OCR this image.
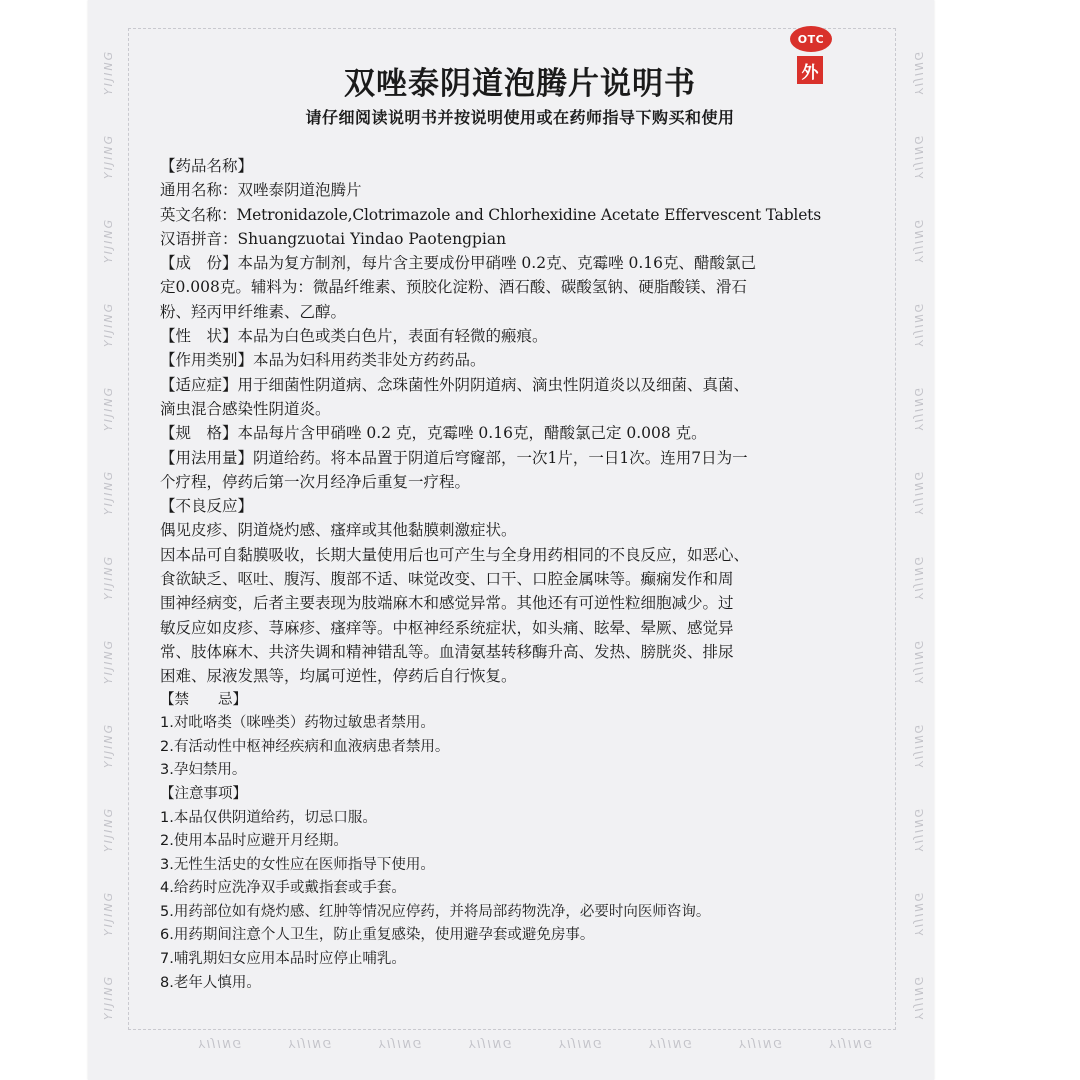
YIJING
YIJING
YIJING
YIJING
YIJING
YIJING
YIJING
YIJING
YIJING
YIJING
YIJING
YIJING
YIJING
YIJING
YIJING
YIJING
YIJING
YIJING
YIJING
YIJING
YIJING
YIJING
YIJING
YIJING
YIJING	YIJING	YIJING	YIJING	YIJING	YIJING	YIJING	YIJING
OTC
外
双唑泰阴道泡腾片说明书
请仔细阅读说明书并按说明使用或在药师指导下购买和使用

【药品名称】

通用名称：双唑泰阴道泡腾片

英文名称：Metronidazole,Clotrimazole and Chlorhexidine Acetate Effervescent Tablets

汉语拼音：Shuangzuotai Yindao Paotengpian

【成　份】本品为复方制剂，每片含主要成份甲硝唑 0.2克、克霉唑 0.16克、醋酸氯己

定0.008克。辅料为：微晶纤维素、预胶化淀粉、酒石酸、碳酸氢钠、硬脂酸镁、滑石

粉、羟丙甲纤维素、乙醇。

【性　状】本品为白色或类白色片，表面有轻微的瘢痕。

【作用类别】本品为妇科用药类非处方药药品。

【适应症】用于细菌性阴道病、念珠菌性外阴阴道病、滴虫性阴道炎以及细菌、真菌、

滴虫混合感染性阴道炎。

【规　格】本品每片含甲硝唑 0.2 克，克霉唑 0.16克，醋酸氯己定 0.008 克。

【用法用量】阴道给药。将本品置于阴道后穹窿部，一次1片，一日1次。连用7日为一

个疗程，停药后第一次月经净后重复一疗程。

【不良反应】

偶见皮疹、阴道烧灼感、瘙痒或其他黏膜刺激症状。

因本品可自黏膜吸收，长期大量使用后也可产生与全身用药相同的不良反应，如恶心、

食欲缺乏、呕吐、腹泻、腹部不适、味觉改变、口干、口腔金属味等。癫痫发作和周

围神经病变，后者主要表现为肢端麻木和感觉异常。其他还有可逆性粒细胞减少。过

敏反应如皮疹、荨麻疹、瘙痒等。中枢神经系统症状，如头痛、眩晕、晕厥、感觉异

常、肢体麻木、共济失调和精神错乱等。血清氨基转移酶升高、发热、膀胱炎、排尿

困难、尿液发黑等，均属可逆性，停药后自行恢复。

【禁　　忌】

1.对吡咯类（咪唑类）药物过敏患者禁用。

2.有活动性中枢神经疾病和血液病患者禁用。

3.孕妇禁用。

【注意事项】

1.本品仅供阴道给药，切忌口服。

2.使用本品时应避开月经期。

3.无性生活史的女性应在医师指导下使用。

4.给药时应洗净双手或戴指套或手套。

5.用药部位如有烧灼感、红肿等情况应停药，并将局部药物洗净，必要时向医师咨询。

6.用药期间注意个人卫生，防止重复感染，使用避孕套或避免房事。

7.哺乳期妇女应用本品时应停止哺乳。

8.老年人慎用。
